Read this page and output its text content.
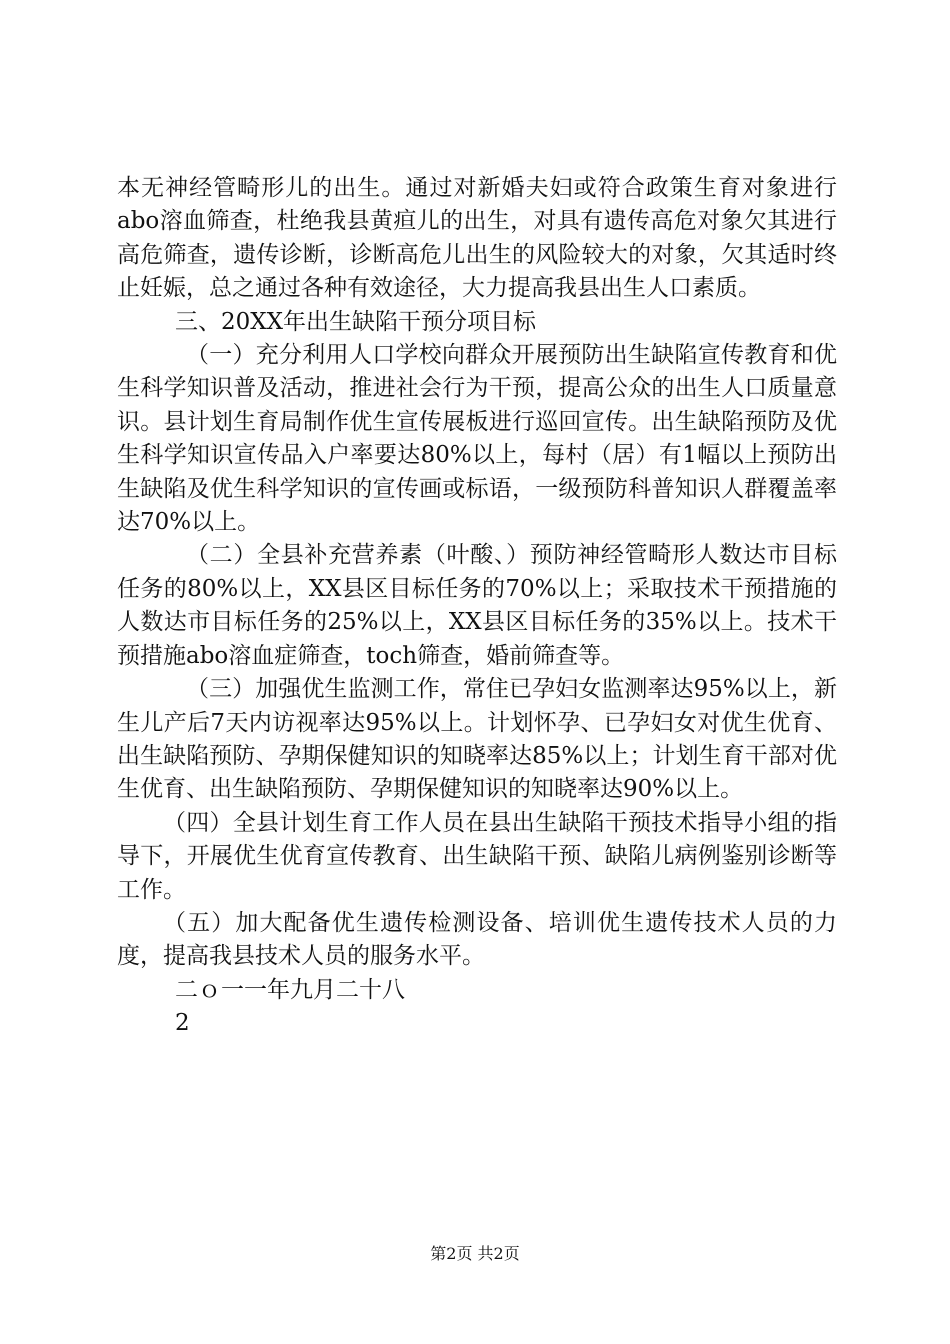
本无神经管畸形儿的出生。通过对新婚夫妇或符合政策生育对象进行abo溶血筛查，杜绝我县黄疸儿的出生，对具有遗传高危对象欠其进行高危筛查，遗传诊断，诊断高危儿出生的风险较大的对象，欠其适时终止妊娠，总之通过各种有效途径，大力提高我县出生人口素质。

三、20XX年出生缺陷干预分项目标

（一）充分利用人口学校向群众开展预防出生缺陷宣传教育和优生科学知识普及活动，推进社会行为干预，提高公众的出生人口质量意识。县计划生育局制作优生宣传展板进行巡回宣传。出生缺陷预防及优生科学知识宣传品入户率要达80%以上，每村（居）有1幅以上预防出生缺陷及优生科学知识的宣传画或标语，一级预防科普知识人群覆盖率达70%以上。

（二）全县补充营养素（叶酸、）预防神经管畸形人数达市目标任务的80%以上，XX县区目标任务的70%以上；采取技术干预措施的人数达市目标任务的25%以上，XX县区目标任务的35%以上。技术干预措施abo溶血症筛查，toch筛查，婚前筛查等。

（三）加强优生监测工作，常住已孕妇女监测率达95%以上，新生儿产后7天内访视率达95%以上。计划怀孕、已孕妇女对优生优育、出生缺陷预防、孕期保健知识的知晓率达85%以上；计划生育干部对优生优育、出生缺陷预防、孕期保健知识的知晓率达90%以上。

（四）全县计划生育工作人员在县出生缺陷干预技术指导小组的指导下，开展优生优育宣传教育、出生缺陷干预、缺陷儿病例鉴别诊断等工作。

（五）加大配备优生遗传检测设备、培训优生遗传技术人员的力度，提高我县技术人员的服务水平。

二ｏ一一年九月二十八

2

第2页 共2页
